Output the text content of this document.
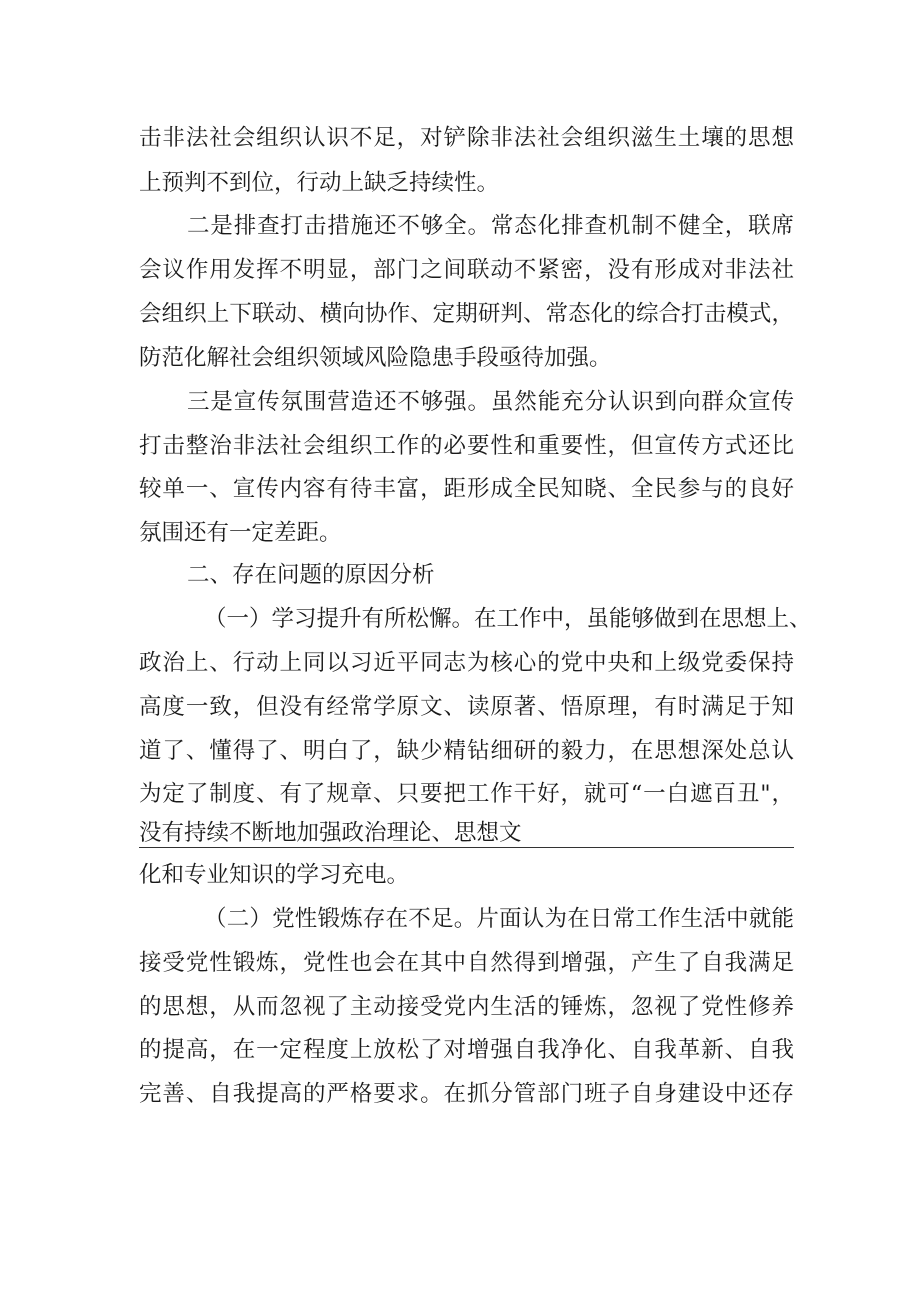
击非法社会组织认识不足，对铲除非法社会组织滋生土壤的思想
上预判不到位，行动上缺乏持续性。
二是排查打击措施还不够全。常态化排查机制不健全，联席
会议作用发挥不明显，部门之间联动不紧密，没有形成对非法社
会组织上下联动、横向协作、定期研判、常态化的综合打击模式，
防范化解社会组织领域风险隐患手段亟待加强。
三是宣传氛围营造还不够强。虽然能充分认识到向群众宣传
打击整治非法社会组织工作的必要性和重要性，但宣传方式还比
较单一、宣传内容有待丰富，距形成全民知晓、全民参与的良好
氛围还有一定差距。
二、存在问题的原因分析
（一）学习提升有所松懈。在工作中，虽能够做到在思想上、
政治上、行动上同以习近平同志为核心的党中央和上级党委保持
高度一致，但没有经常学原文、读原著、悟原理，有时满足于知
道了、懂得了、明白了，缺少精钻细研的毅力，在思想深处总认
为定了制度、有了规章、只要把工作干好，就可“一白遮百丑"，
没有持续不断地加强政治理论、思想文
化和专业知识的学习充电。
（二）党性锻炼存在不足。片面认为在日常工作生活中就能
接受党性锻炼，党性也会在其中自然得到增强，产生了自我满足
的思想，从而忽视了主动接受党内生活的锤炼，忽视了党性修养
的提高，在一定程度上放松了对增强自我净化、自我革新、自我
完善、自我提高的严格要求。在抓分管部门班子自身建设中还存
